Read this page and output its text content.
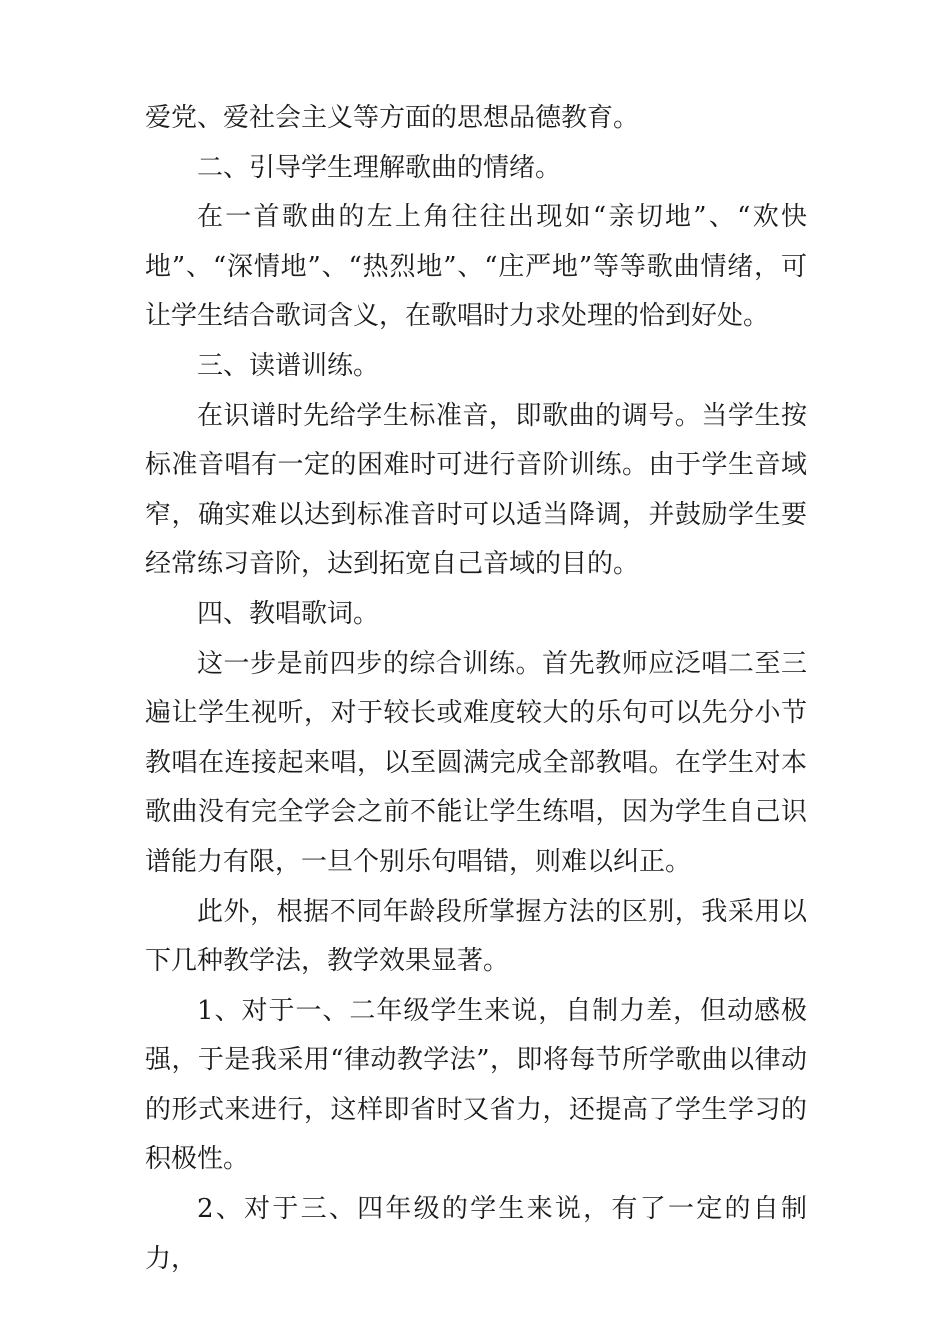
爱党、爱社会主义等方面的思想品德教育。

二、引导学生理解歌曲的情绪。

在一首歌曲的左上角往往出现如“亲切地”、“欢快地”、“深情地”、“热烈地”、“庄严地”等等歌曲情绪，可让学生结合歌词含义，在歌唱时力求处理的恰到好处。

三、读谱训练。

在识谱时先给学生标准音，即歌曲的调号。当学生按标准音唱有一定的困难时可进行音阶训练。由于学生音域窄，确实难以达到标准音时可以适当降调，并鼓励学生要经常练习音阶，达到拓宽自己音域的目的。

四、教唱歌词。

这一步是前四步的综合训练。首先教师应泛唱二至三遍让学生视听，对于较长或难度较大的乐句可以先分小节教唱在连接起来唱，以至圆满完成全部教唱。在学生对本歌曲没有完全学会之前不能让学生练唱，因为学生自己识谱能力有限，一旦个别乐句唱错，则难以纠正。

此外，根据不同年龄段所掌握方法的区别，我采用以下几种教学法，教学效果显著。

1、对于一、二年级学生来说，自制力差，但动感极强，于是我采用“律动教学法”，即将每节所学歌曲以律动的形式来进行，这样即省时又省力，还提高了学生学习的积极性。

2、对于三、四年级的学生来说，有了一定的自制力，
